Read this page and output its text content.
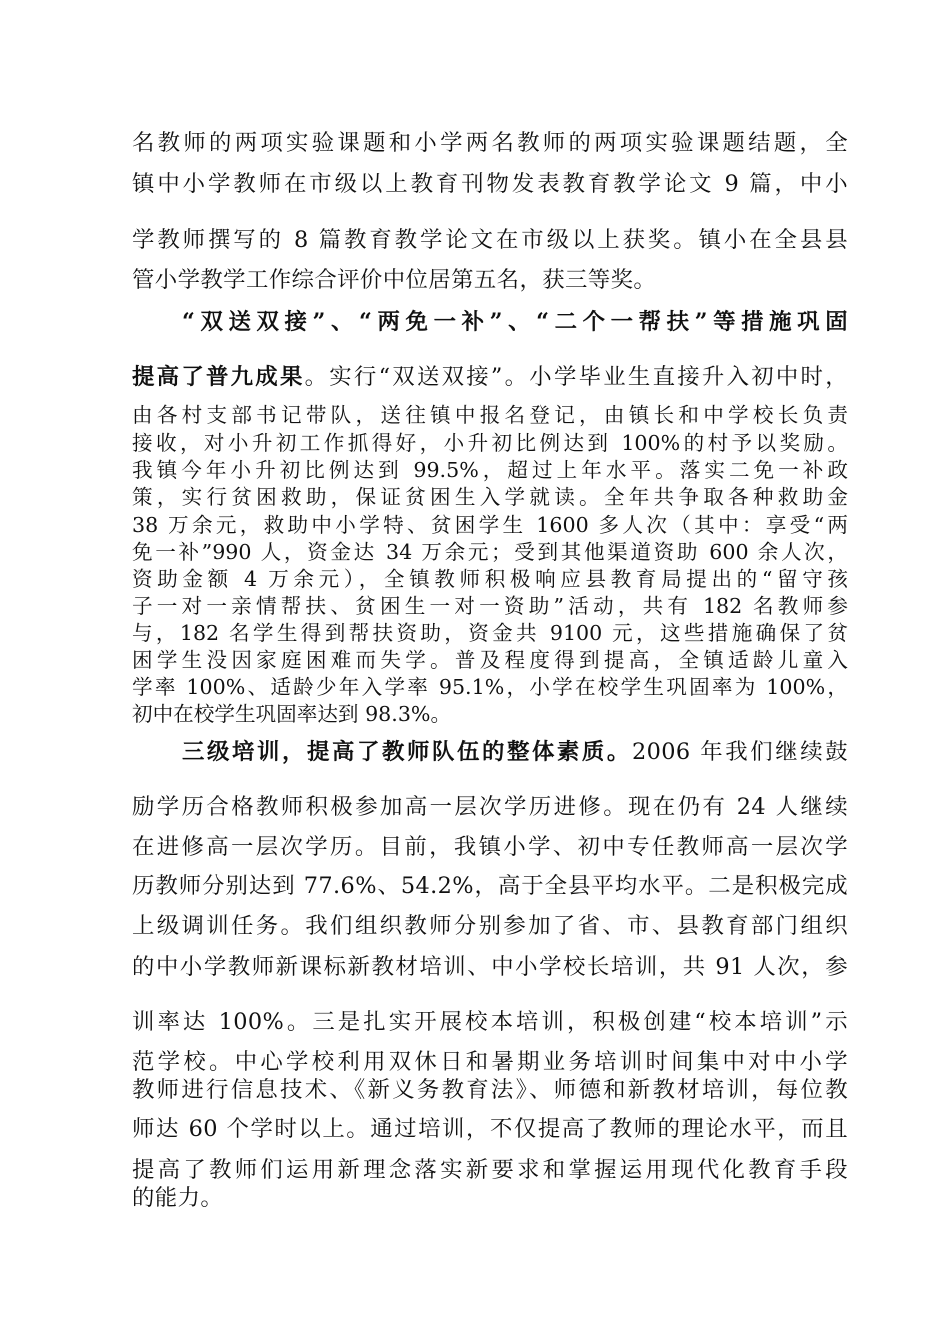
名教师的两项实验课题和小学两名教师的两项实验课题结题，全
镇中小学教师在市级以上教育刊物发表教育教学论文 9 篇，中小
学教师撰写的 8 篇教育教学论文在市级以上获奖。镇小在全县县
管小学教学工作综合评价中位居第五名，获三等奖。
“双送双接”、“两免一补”、“二个一帮扶”等措施巩固
提高了普九成果。实行“双送双接”。小学毕业生直接升入初中时，
由各村支部书记带队，送往镇中报名登记，由镇长和中学校长负责
接收，对小升初工作抓得好，小升初比例达到 100%的村予以奖励。
我镇今年小升初比例达到 99.5%，超过上年水平。落实二免一补政
策，实行贫困救助，保证贫困生入学就读。全年共争取各种救助金
38 万余元，救助中小学特、贫困学生 1600 多人次（其中：享受“两
免一补”990 人，资金达 34 万余元；受到其他渠道资助 600 余人次，
资助金额 4 万余元），全镇教师积极响应县教育局提出的“留守孩
子一对一亲情帮扶、贫困生一对一资助”活动，共有 182 名教师参
与，182 名学生得到帮扶资助，资金共 9100 元，这些措施确保了贫
困学生没因家庭困难而失学。普及程度得到提高，全镇适龄儿童入
学率 100%、适龄少年入学率 95.1%，小学在校学生巩固率为 100%，
初中在校学生巩固率达到 98.3%。
三级培训，提高了教师队伍的整体素质。2006 年我们继续鼓
励学历合格教师积极参加高一层次学历进修。现在仍有 24 人继续
在进修高一层次学历。目前，我镇小学、初中专任教师高一层次学
历教师分别达到 77.6%、54.2%，高于全县平均水平。二是积极完成
上级调训任务。我们组织教师分别参加了省、市、县教育部门组织
的中小学教师新课标新教材培训、中小学校长培训，共 91 人次，参
训率达 100%。三是扎实开展校本培训，积极创建“校本培训”示
范学校。中心学校利用双休日和暑期业务培训时间集中对中小学
教师进行信息技术、《新义务教育法》、师德和新教材培训，每位教
师达 60 个学时以上。通过培训，不仅提高了教师的理论水平，而且
提高了教师们运用新理念落实新要求和掌握运用现代化教育手段
的能力。
